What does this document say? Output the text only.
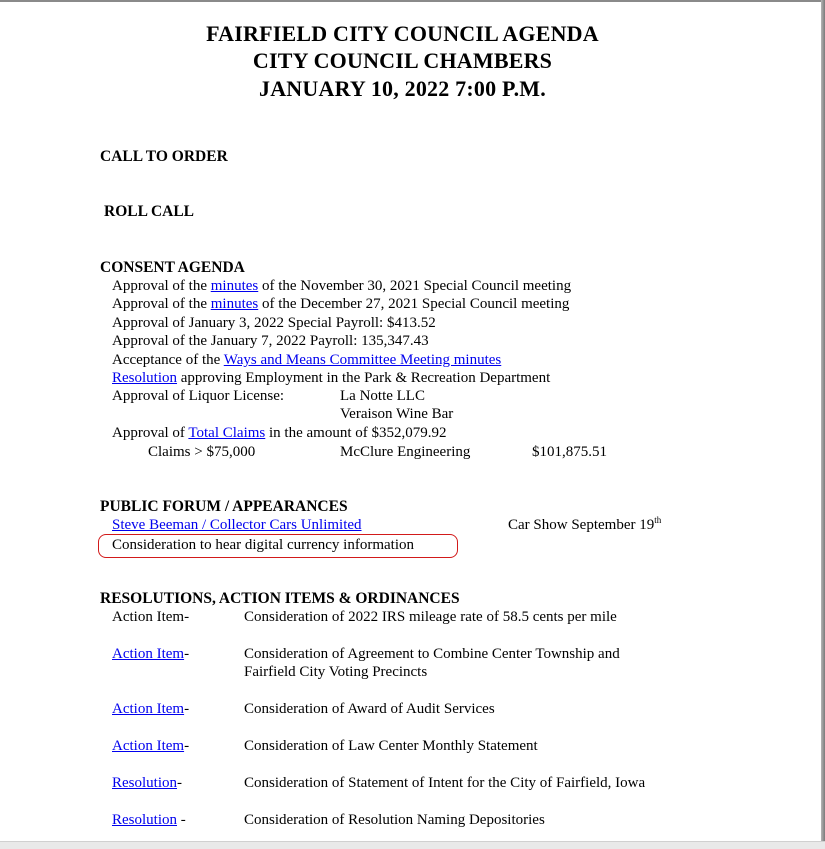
FAIRFIELD CITY COUNCIL AGENDA
CITY COUNCIL CHAMBERS
JANUARY 10, 2022 7:00 P.M.
CALL TO ORDER
ROLL CALL
CONSENT AGENDA
Approval of the minutes of the November 30, 2021 Special Council meeting
Approval of the minutes of the December 27, 2021 Special Council meeting
Approval of January 3, 2022 Special Payroll: $413.52
Approval of the January 7, 2022 Payroll: 135,347.43
Acceptance of the Ways and Means Committee Meeting minutes
Resolution approving Employment in the Park & Recreation Department
Approval of Liquor License:	La Notte LLC
Veraison Wine Bar
Approval of Total Claims in the amount of $352,079.92
Claims > $75,000	McClure Engineering	$101,875.51
PUBLIC FORUM / APPEARANCES
Steve Beeman / Collector Cars Unlimited	Car Show September 19th
Consideration to hear digital currency information
RESOLUTIONS, ACTION ITEMS & ORDINANCES
Action Item-	Consideration of 2022 IRS mileage rate of 58.5 cents per mile
Action Item-	Consideration of Agreement to Combine Center Township and
Fairfield City Voting Precincts
Action Item-	Consideration of Award of Audit Services
Action Item-	Consideration of Law Center Monthly Statement
Resolution-	Consideration of Statement of Intent for the City of Fairfield, Iowa
Resolution -	Consideration of Resolution Naming Depositories
